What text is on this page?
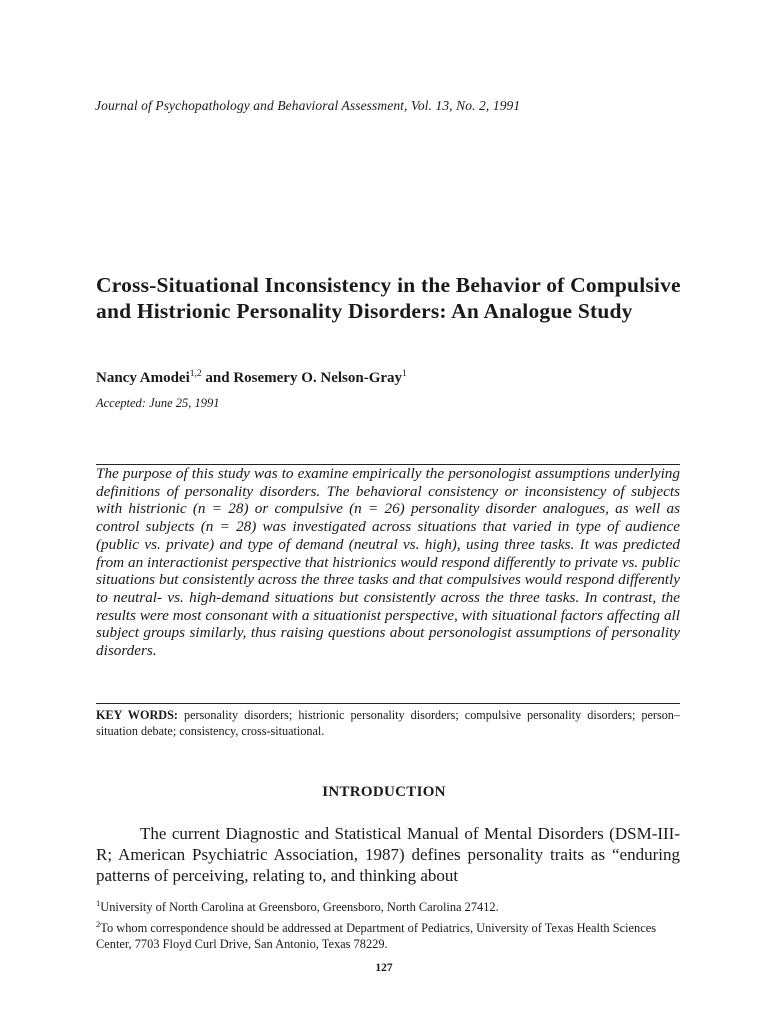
Journal of Psychopathology and Behavioral Assessment, Vol. 13, No. 2, 1991
Cross-Situational Inconsistency in the Behavior of Compulsive and Histrionic Personality Disorders: An Analogue Study
Nancy Amodei$^{1,2}$ and Rosemery O. Nelson-Gray$^1$
Accepted: June 25, 1991

The purpose of this study was to examine empirically the personologist assumptions underlying definitions of personality disorders. The behavioral consistency or inconsistency of subjects with histrionic (n = 28) or compulsive (n = 26) personality disorder analogues, as well as control subjects (n = 28) was investigated across situations that varied in type of audience (public vs. private) and type of demand (neutral vs. high), using three tasks. It was predicted from an interactionist perspective that histrionics would respond differently to private vs. public situations but consistently across the three tasks and that compulsives would respond differently to neutral- vs. high-demand situations but consistently across the three tasks. In contrast, the results were most consonant with a situationist perspective, with situational factors affecting all subject groups similarly, thus raising questions about personologist assumptions of personality disorders.

KEY WORDS: personality disorders; histrionic personality disorders; compulsive personality disorders; person–situation debate; consistency, cross-situational.

INTRODUCTION

The current Diagnostic and Statistical Manual of Mental Disorders (DSM-III-R; American Psychiatric Association, 1987) defines personality traits as “enduring patterns of perceiving, relating to, and thinking about

$^1$University of North Carolina at Greensboro, Greensboro, North Carolina 27412.

$^2$To whom correspondence should be addressed at Department of Pediatrics, University of Texas Health Sciences Center, 7703 Floyd Curl Drive, San Antonio, Texas 78229.

127
